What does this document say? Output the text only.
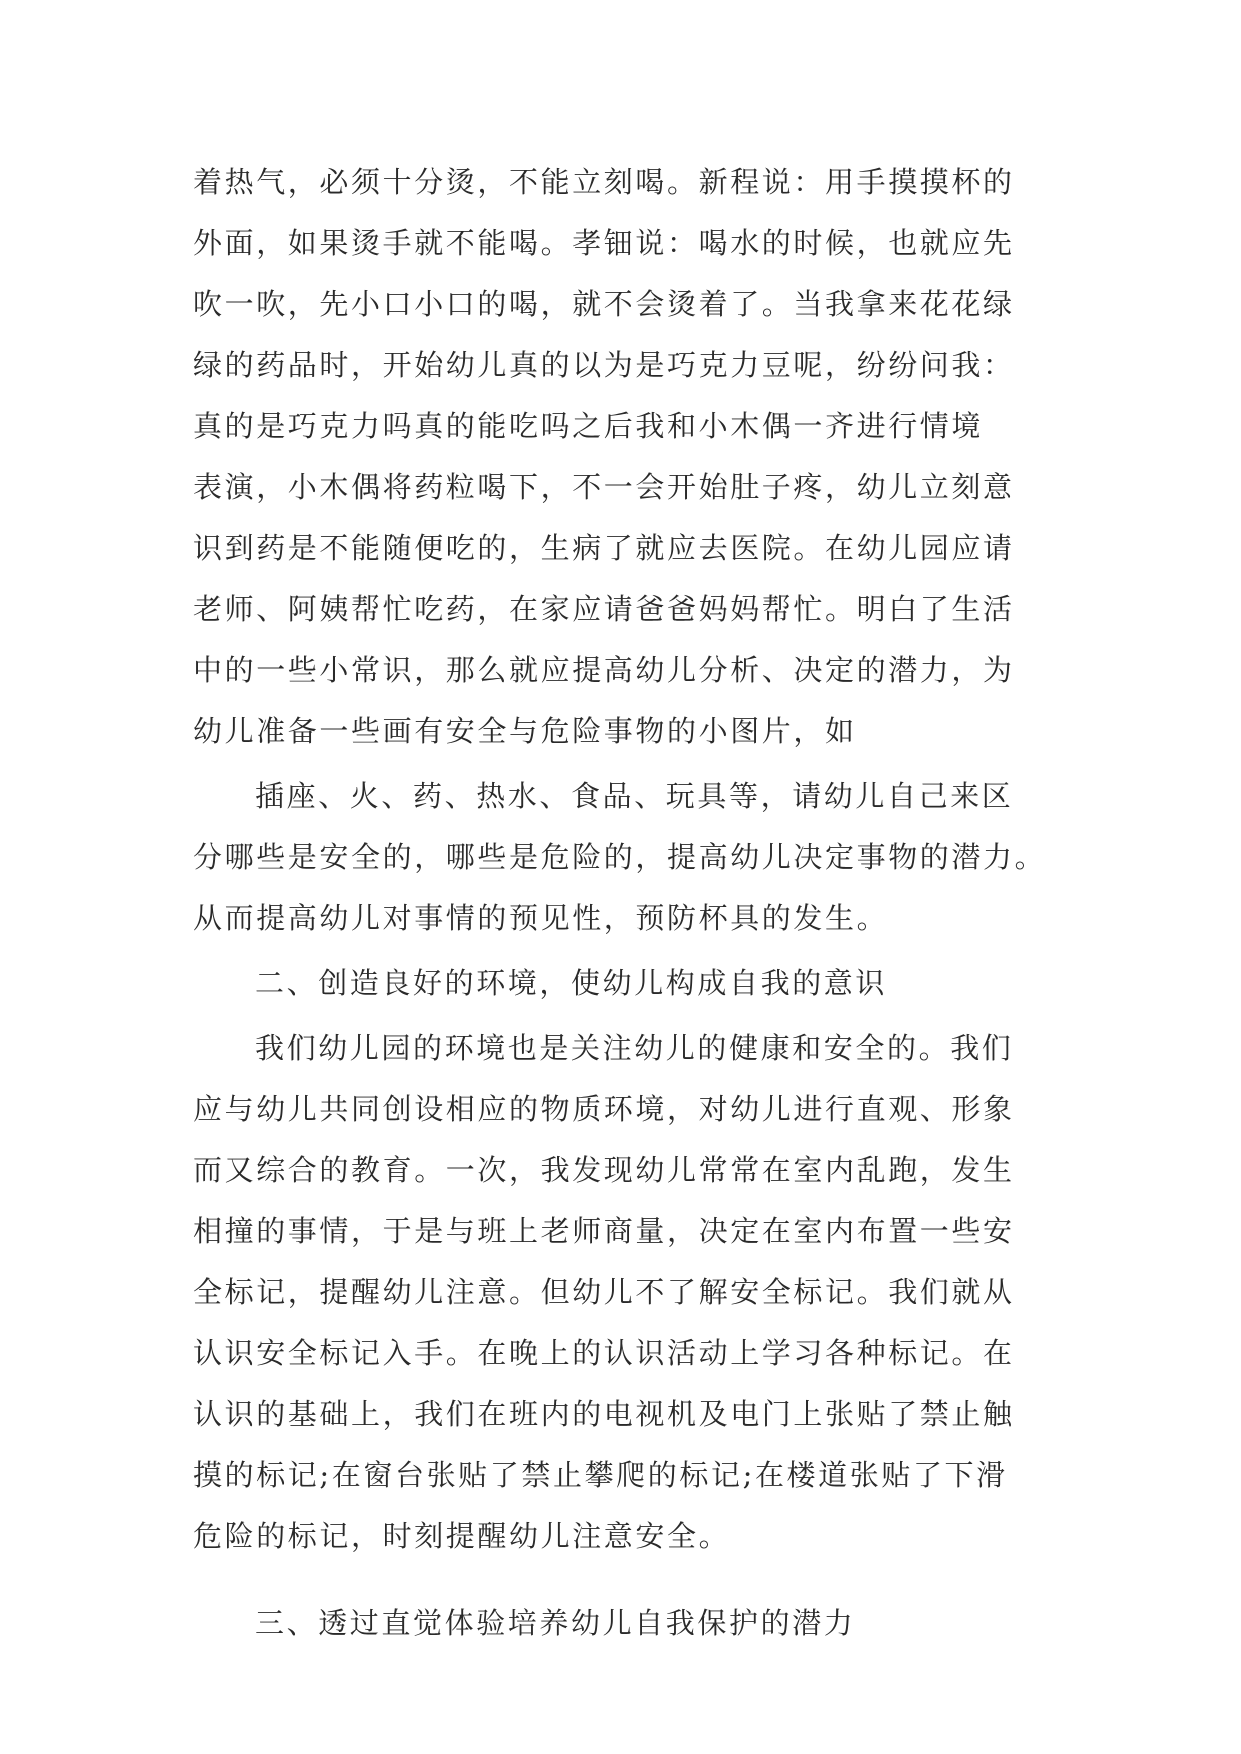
着热气，必须十分烫，不能立刻喝。新程说：用手摸摸杯的
外面，如果烫手就不能喝。孝钿说：喝水的时候，也就应先
吹一吹，先小口小口的喝，就不会烫着了。当我拿来花花绿
绿的药品时，开始幼儿真的以为是巧克力豆呢，纷纷问我：
真的是巧克力吗真的能吃吗之后我和小木偶一齐进行情境
表演，小木偶将药粒喝下，不一会开始肚子疼，幼儿立刻意
识到药是不能随便吃的，生病了就应去医院。在幼儿园应请
老师、阿姨帮忙吃药，在家应请爸爸妈妈帮忙。明白了生活
中的一些小常识，那么就应提高幼儿分析、决定的潜力，为
幼儿准备一些画有安全与危险事物的小图片，如
插座、火、药、热水、食品、玩具等，请幼儿自己来区
分哪些是安全的，哪些是危险的，提高幼儿决定事物的潜力。
从而提高幼儿对事情的预见性，预防杯具的发生。
二、创造良好的环境，使幼儿构成自我的意识
我们幼儿园的环境也是关注幼儿的健康和安全的。我们
应与幼儿共同创设相应的物质环境，对幼儿进行直观、形象
而又综合的教育。一次，我发现幼儿常常在室内乱跑，发生
相撞的事情，于是与班上老师商量，决定在室内布置一些安
全标记，提醒幼儿注意。但幼儿不了解安全标记。我们就从
认识安全标记入手。在晚上的认识活动上学习各种标记。在
认识的基础上，我们在班内的电视机及电门上张贴了禁止触
摸的标记;在窗台张贴了禁止攀爬的标记;在楼道张贴了下滑
危险的标记，时刻提醒幼儿注意安全。
三、透过直觉体验培养幼儿自我保护的潜力
